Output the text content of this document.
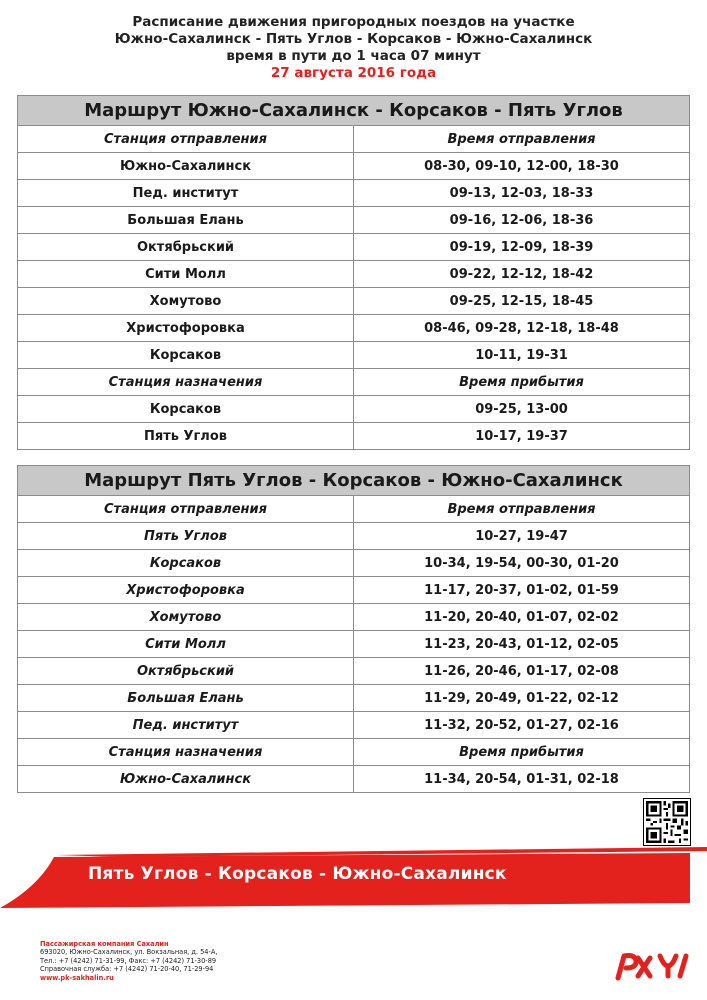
Расписание движения пригородных поездов на участке
Южно-Сахалинск - Пять Углов - Корсаков - Южно-Сахалинск
время в пути до 1 часа 07 минут
27 августа 2016 года
Маршрут Южно-Сахалинск - Корсаков - Пять Углов	
Станция отправления	Время отправления
Южно-Сахалинск	08-30, 09-10, 12-00, 18-30
Пед. институт	09-13, 12-03, 18-33
Большая Елань	09-16, 12-06, 18-36
Октябрьский	09-19, 12-09, 18-39
Сити Молл	09-22, 12-12, 18-42
Хомутово	09-25, 12-15, 18-45
Христофоровка	08-46, 09-28, 12-18, 18-48
Корсаков	10-11, 19-31
Станция назначения	Время прибытия
Корсаков	09-25, 13-00
Пять Углов	10-17, 19-37
Маршрут Пять Углов - Корсаков - Южно-Сахалинск	
Станция отправления	Время отправления
Пять Углов	10-27, 19-47
Корсаков	10-34, 19-54, 00-30, 01-20
Христофоровка	11-17, 20-37, 01-02, 01-59
Хомутово	11-20, 20-40, 01-07, 02-02
Сити Молл	11-23, 20-43, 01-12, 02-05
Октябрьский	11-26, 20-46, 01-17, 02-08
Большая Елань	11-29, 20-49, 01-22, 02-12
Пед. институт	11-32, 20-52, 01-27, 02-16
Станция назначения	Время прибытия
Южно-Сахалинск	11-34, 20-54, 01-31, 02-18
Пять Углов - Корсаков - Южно-Сахалинск
Пассажирская компания Сахалин
693020, Южно-Сахалинск, ул. Вокзальная, д. 54-А,
Тел.: +7 (4242) 71-31-99, Факс: +7 (4242) 71-30-89
Справочная служба: +7 (4242) 71-20-40, 71-29-94
www.pk-sakhalin.ru
